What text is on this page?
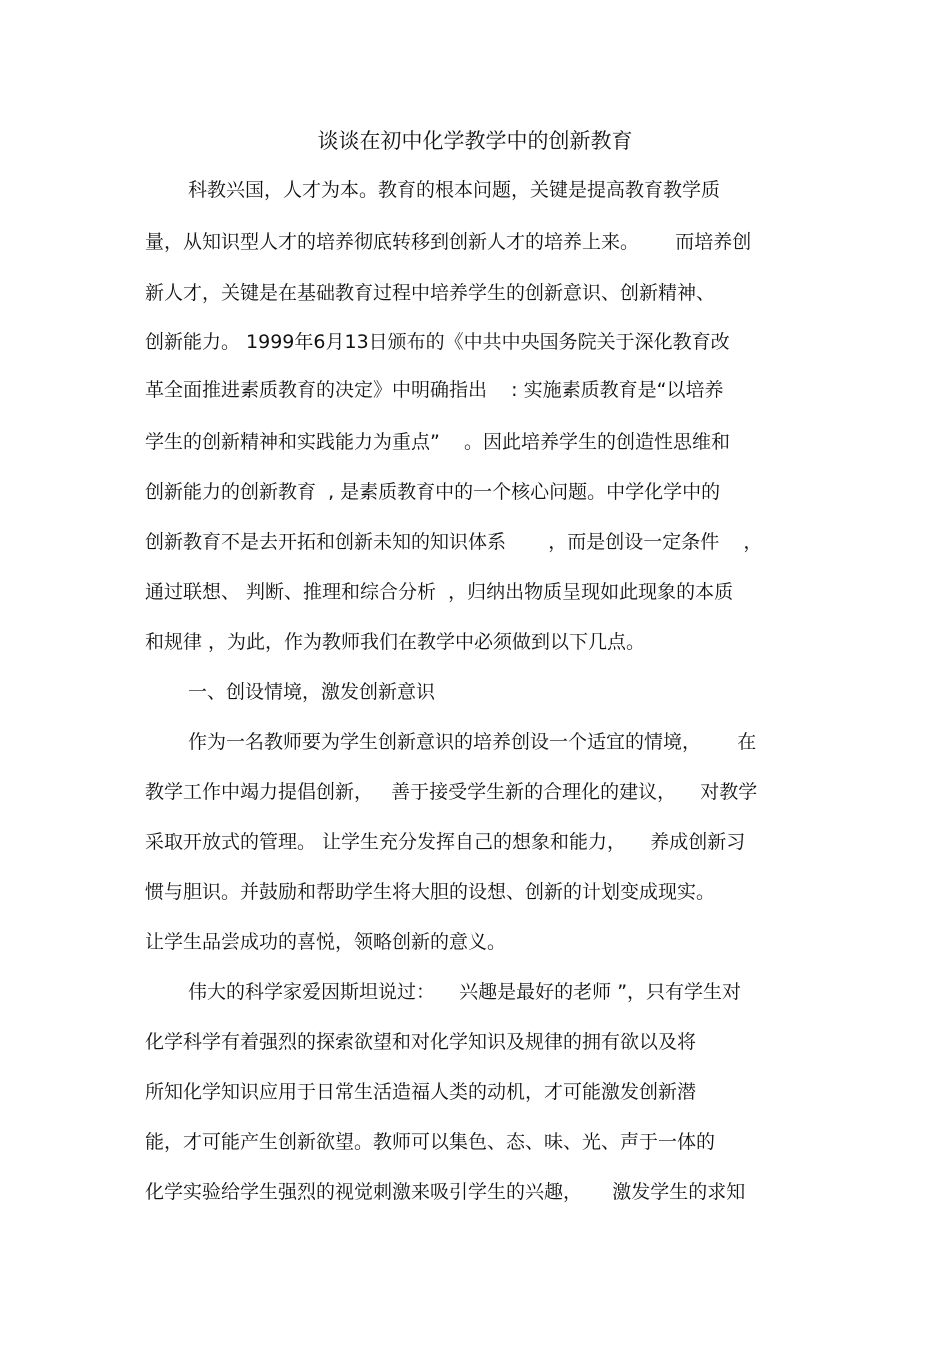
谈谈在初中化学教学中的创新教育
科教兴国，人才为本。教育的根本问题，关键是提高教育教学质
量，从知识型人才的培养彻底转移到创新人才的培养上来。      而培养创
新人才，关键是在基础教育过程中培养学生的创新意识、创新精神、
创新能力。 1999年6月13日颁布的《中共中央国务院关于深化教育改
革全面推进素质教育的决定》中明确指出    : 实施素质教育是“以培养
学生的创新精神和实践能力为重点”    。因此培养学生的创造性思维和
创新能力的创新教育  , 是素质教育中的一个核心问题。中学化学中的
创新教育不是去开拓和创新未知的知识体系       ，而是创设一定条件    ，
通过联想、 判断、推理和综合分析  ，归纳出物质呈现如此现象的本质
和规律 ，为此，作为教师我们在教学中必须做到以下几点。
一、创设情境，激发创新意识
作为一名教师要为学生创新意识的培养创设一个适宜的情境，      在
教学工作中竭力提倡创新，   善于接受学生新的合理化的建议，    对教学
采取开放式的管理。 让学生充分发挥自己的想象和能力，    养成创新习
惯与胆识。并鼓励和帮助学生将大胆的设想、创新的计划变成现实。
让学生品尝成功的喜悦，领略创新的意义。
伟大的科学家爱因斯坦说过：    兴趣是最好的老师 ”，只有学生对
化学科学有着强烈的探索欲望和对化学知识及规律的拥有欲以及将
所知化学知识应用于日常生活造福人类的动机，才可能激发创新潜
能，才可能产生创新欲望。教师可以集色、态、味、光、声于一体的
化学实验给学生强烈的视觉刺激来吸引学生的兴趣，     激发学生的求知
